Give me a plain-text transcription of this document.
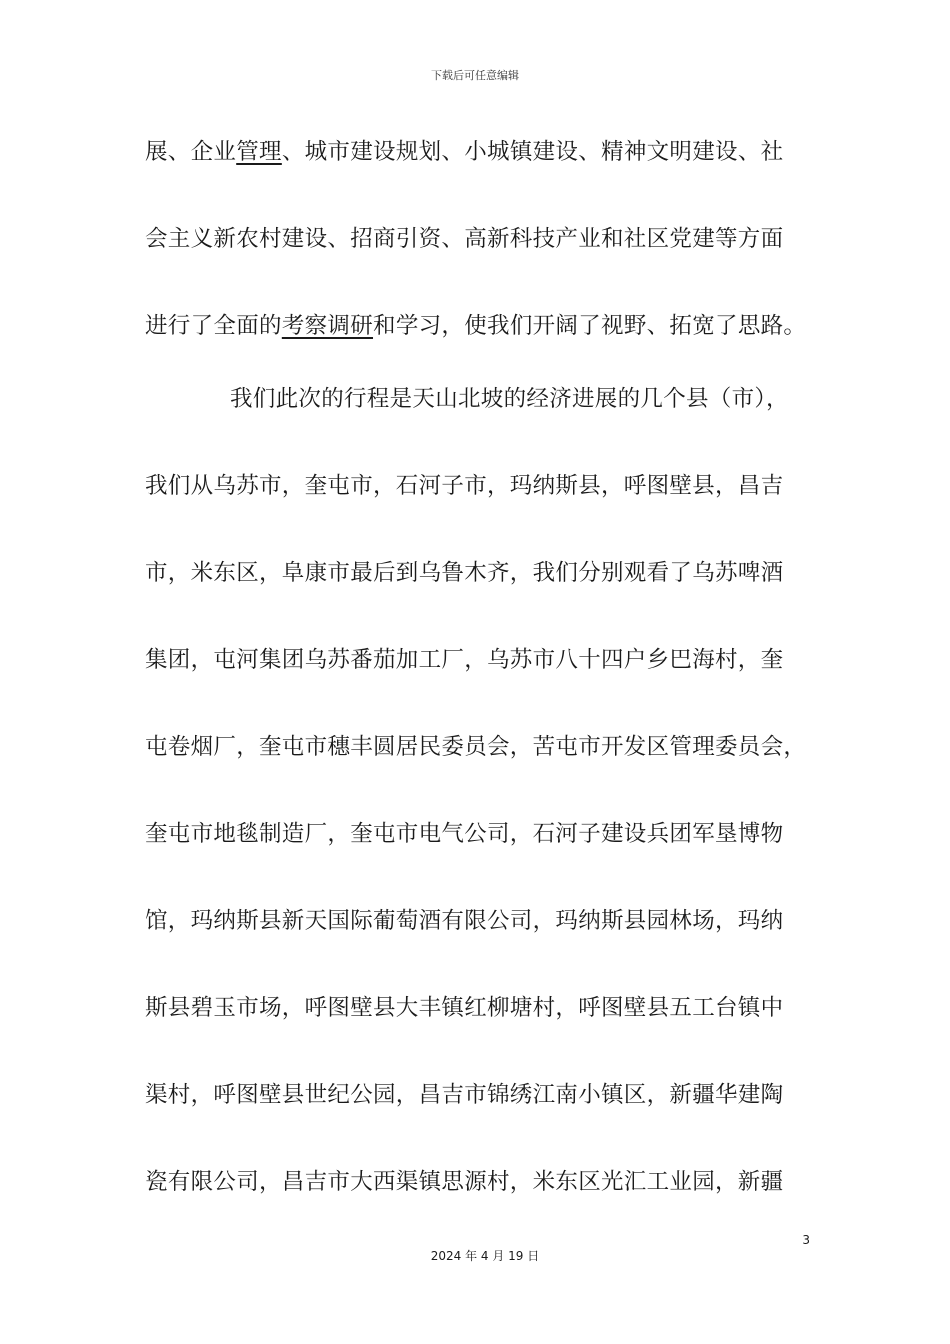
下载后可任意编辑
展、企业管理、城市建设规划、小城镇建设、精神文明建设、社
会主义新农村建设、招商引资、高新科技产业和社区党建等方面
进行了全面的考察调研和学习，使我们开阔了视野、拓宽了思路。
我们此次的行程是天山北坡的经济进展的几个县（市），
我们从乌苏市，奎屯市，石河子市，玛纳斯县，呼图壁县，昌吉
市，米东区，阜康市最后到乌鲁木齐，我们分别观看了乌苏啤酒
集团，屯河集团乌苏番茄加工厂，乌苏市八十四户乡巴海村，奎
屯卷烟厂，奎屯市穗丰圆居民委员会，苦屯市开发区管理委员会，
奎屯市地毯制造厂，奎屯市电气公司，石河子建设兵团军垦博物
馆，玛纳斯县新天国际葡萄酒有限公司，玛纳斯县园林场，玛纳
斯县碧玉市场，呼图壁县大丰镇红柳塘村，呼图壁县五工台镇中
渠村，呼图壁县世纪公园，昌吉市锦绣江南小镇区，新疆华建陶
瓷有限公司，昌吉市大西渠镇思源村，米东区光汇工业园，新疆
3
2024 年 4 月 19 日
